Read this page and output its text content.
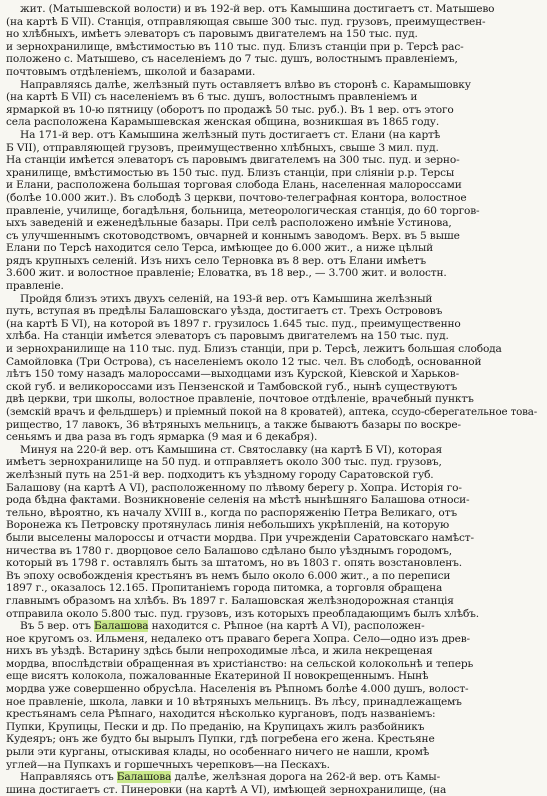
жит. (Матышевской волости) и въ 192-й вер. отъ Камышина достигаетъ ст. Матышево
(на картѣ Б VII). Станція, отправляющая свыше 300 тыс. пуд. грузовъ, преимуществен-
но хлѣбныхъ, имѣетъ элеваторъ съ паровымъ двигателемъ на 150 тыс. пуд.
и зернохранилище, вмѣстимостью въ 110 тыс. пуд. Близъ станціи при р. Терсѣ рас-
положено с. Матышево, съ населеніемъ до 7 тыс. душъ, волостнымъ правленіемъ,
почтовымъ отдѣленіемъ, школой и базарами.
Направляясь далѣе, желѣзный путь оставляетъ влѣво въ сторонѣ с. Карамышовку
(на картѣ Б VII) съ населеніемъ въ 6 тыс. душъ, волостнымъ правленіемъ и
ярмаркой въ 10-ю пятницу (оборотъ по продажѣ 50 тыс. руб.). Въ 1 вер. отъ этого
села расположена Карамышевская женская община, возникшая въ 1865 году.
На 171-й вер. отъ Камышина желѣзный путь достигаетъ ст. Елани (на картѣ
Б VII), отправляющей грузовъ, преимущественно хлѣбныхъ, свыше 3 мил. пуд.
На станціи имѣется элеваторъ съ паровымъ двигателемъ на 300 тыс. пуд. и зерно-
хранилище, вмѣстимостью въ 150 тыс. пуд. Близъ станціи, при сліяніи р.р. Терсы
и Елани, расположена большая торговая слобода Елань, населенная малороссами
(болѣе 10.000 жит.). Въ слободѣ 3 церкви, почтово-телеграфная контора, волостное
правленіе, училище, богадѣльня, больница, метеорологическая станція, до 60 торгов-
ыхъ заведеній и еженедѣльные базары. При селѣ расположено имѣніе Устинова,
съ улучшеннымъ скотоводствомъ, овчарней и коннымъ заводомъ. Верх. въ 5 выше
Елани по Терсѣ находится село Терса, имѣющее до 6.000 жит., а ниже цѣлый
рядъ крупныхъ селеній. Изъ нихъ село Терновка въ 8 вер. отъ Елани имѣетъ
3.600 жит. и волостное правленіе; Еловатка, въ 18 вер., — 3.700 жит. и волостн.
правленіе.
Пройдя близъ этихъ двухъ селеній, на 193-й вер. отъ Камышина желѣзный
путь, вступая въ предѣлы Балашовскаго уѣзда, достигаетъ ст. Трехъ Острововъ
(на картѣ Б VI), на которой въ 1897 г. грузилось 1.645 тыс. пуд., преимущественно
хлѣба. На станціи имѣется элеваторъ съ паровымъ двигателемъ на 150 тыс. пуд.
и зернохранилище на 110 тыс. пуд. Близъ станціи, при р. Терсѣ, лежитъ большая слобода
Самойловка (Три Острова), съ населеніемъ около 12 тыс. чел. Въ слободѣ, основанной
лѣтъ 150 тому назадъ малороссами—выходцами изъ Курской, Кіевской и Харьков-
ской губ. и великороссами изъ Пензенской и Тамбовской губ., нынѣ существуютъ
двѣ церкви, три школы, волостное правленіе, почтовое отдѣленіе, врачебный пунктъ
(земскій врачъ и фельдшеръ) и пріемный покой на 8 кроватей), аптека, ссудо-сберегательное това-
рищество, 17 лавокъ, 36 вѣтряныхъ мельницъ, а также бываютъ базары по воскре-
сеньямъ и два раза въ годъ ярмарка (9 мая и 6 декабря).
Минуя на 220-й вер. отъ Камышина ст. Святославку (на картѣ Б VI), которая
имѣетъ зернохранилище на 50 пуд. и отправляетъ около 300 тыс. пуд. грузовъ,
желѣзный путь на 251-й вер. подходитъ къ уѣздному городу Саратовской губ.
Балашову (на картѣ А VI), расположенному по лѣвому берегу р. Хопра. Исторія го-
рода бѣдна фактами. Возникновеніе селенія на мѣстѣ нынѣшняго Балашова относи-
тельно, вѣроятно, къ началу XVIII в., когда по распоряженію Петра Великаго, отъ
Воронежа къ Петровску протянулась линія небольшихъ укрѣпленій, на которую
были выселены малороссы и отчасти мордва. При учрежденіи Саратовскаго намѣст-
ничества въ 1780 г. дворцовое село Балашово сдѣлано было уѣзднымъ городомъ,
который въ 1798 г. оставлялъ быть за штатомъ, но въ 1803 г. опять возстановленъ.
Въ эпоху освобожденія крестьянъ въ немъ было около 6.000 жит., а по переписи
1897 г., оказалось 12.165. Пропитаніемъ города питомка, а торговля обращена
главнымъ образомъ на хлѣбъ. Въ 1897 г. Балашовская желѣзнодорожная станція
отправила около 5.800 тыс. пуд. грузовъ, изъ которыхъ преобладающимъ былъ хлѣбъ.
Въ 5 вер. отъ Балашова находится с. Рѣпное (на картѣ А VI), расположен-
ное кругомъ оз. Ильменя, недалеко отъ праваго берега Хопра. Село—одно изъ древ-
нихъ въ уѣздѣ. Встарину здѣсь были непроходимые лѣса, и жила некрещеная
мордва, впослѣдствіи обращенная въ христіанство: на сельской колокольнѣ и теперь
еще висятъ колокола, пожалованные Екатериной II новокрещеннымъ. Нынѣ
мордва уже совершенно обрусѣла. Населенія въ Рѣпномъ болѣе 4.000 душъ, волост-
ное правленіе, школа, лавки и 10 вѣтряныхъ мельницъ. Въ лѣсу, принадлежащемъ
крестьянамъ села Рѣпнаго, находится нѣсколько кургановъ, подъ названіемъ:
Пупки, Крупицы, Пески и др. По преданію, на Крупицахъ жилъ разбойникъ
Кудеяръ; онъ же будто бы вырылъ Пупки, гдѣ погребена его жена. Крестьяне
рыли эти курганы, отыскивая клады, но особеннаго ничего не нашли, кромѣ
углей—на Пупкахъ и горшечныхъ черепковъ—на Пескахъ.
Направляясь отъ Балашова далѣе, желѣзная дорога на 262-й вер. отъ Камы-
шина достигаетъ ст. Пинеровки (на картѣ А VI), имѣющей зернохранилище, (на
